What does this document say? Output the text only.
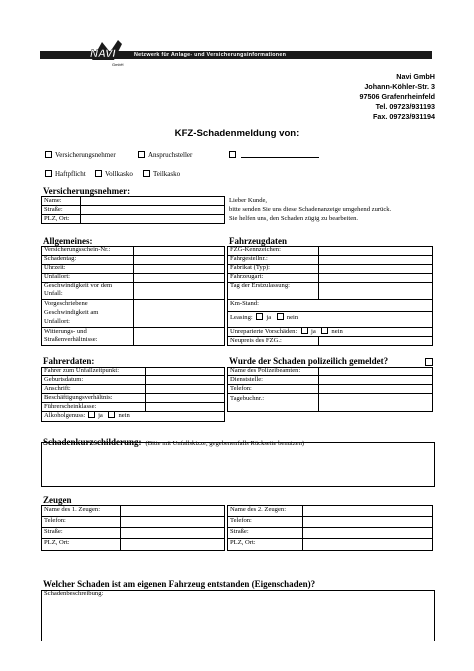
Netzwerk für Anlage- und Versicherungsinformationen
NAVI
GmbH
Navi GmbH
Johann-Köhler-Str. 3
97506 Grafenrheinfeld
Tel. 09723/931193
Fax. 09723/931194
KFZ-Schadenmeldung von:
Versicherungsnehmer	Anspruchsteller
Haftpflicht	Vollkasko	Teilkasko
Versicherungsnehmer:
Name:
Straße:
PLZ, Ort:
Lieber Kunde,
bitte senden Sie uns diese Schadenanzeige umgehend zurück.
Sie helfen uns, den Schaden zügig zu bearbeiten.
Allgemeines:
Versicherungsschein-Nr.:
Schadentag:
Uhrzeit:
Unfallort:
Geschwindigkeit vor dem
Unfall:
Vorgeschriebene
Geschwindigkeit am
Unfallort:
Witterungs- und
Straßenverhältnisse:
Fahrzeugdaten
FZG-Kennzeichen:
Fahrgestellnr.:
Fabrikat (Typ):
Fahrzeugart:
Tag der Erstzulassung:
Km-Stand:
Leasing: ja nein
Unreparierte Vorschäden: ja nein
Neupreis des FZG.:
Fahrerdaten:
Fahrer zum Unfallzeitpunkt:
Geburtsdatum:
Anschrift:
Beschäftigungsverhältnis:
Führerscheinklasse:
Alkoholgenuss: ja nein
Wurde der Schaden polizeilich gemeldet?
Name des Polizeibeamten:
Dienststelle:
Telefon:
Tagebuchnr.:
Schadenkurzschilderung: (Bitte mit Unfallskizze, gegebenenfalls Rückseite benutzen)
Zeugen
Name des 1. Zeugen:
Telefon:
Straße:
PLZ, Ort:
Name des 2. Zeugen:
Telefon:
Straße:
PLZ, Ort:
Welcher Schaden ist am eigenen Fahrzeug entstanden (Eigenschaden)?
Schadenbeschreibung:
